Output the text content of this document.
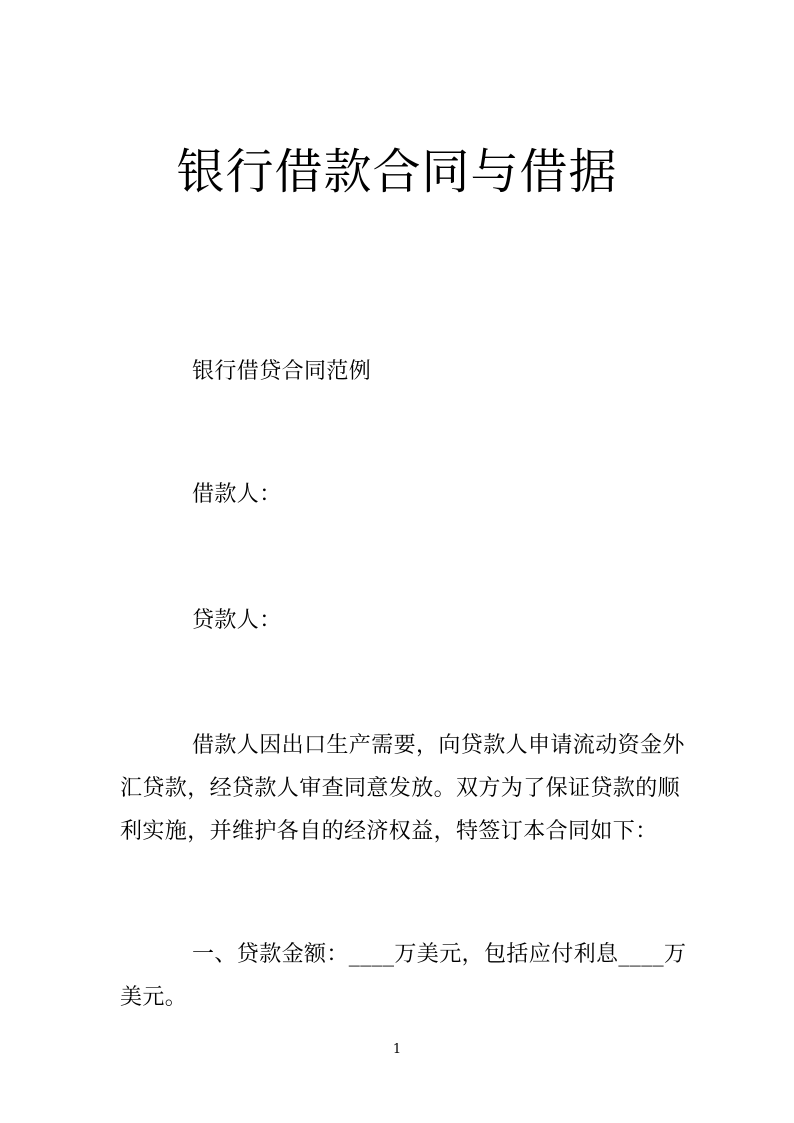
银行借款合同与借据
银行借贷合同范例
借款人：
贷款人：
借款人因出口生产需要，向贷款人申请流动资金外
汇贷款，经贷款人审查同意发放。双方为了保证贷款的顺
利实施，并维护各自的经济权益，特签订本合同如下：
一、贷款金额：____万美元，包括应付利息____万
美元。
1
